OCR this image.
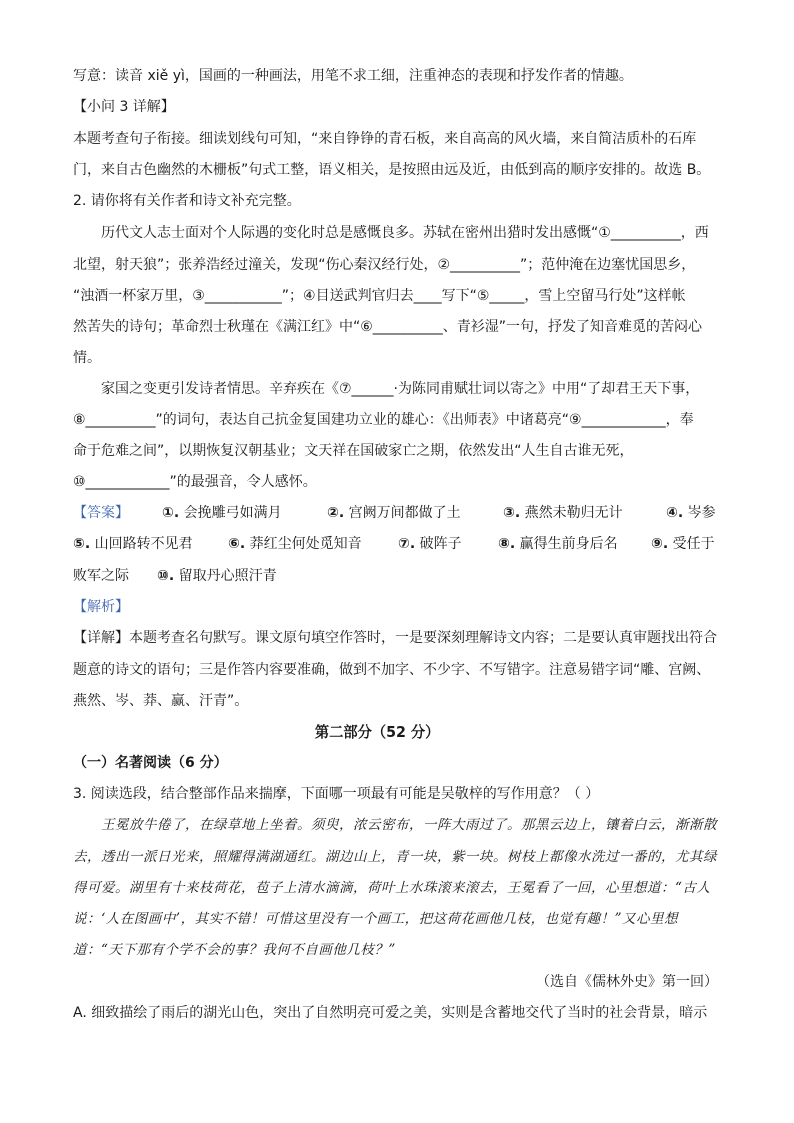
写意：读音 xiě yì，国画的一种画法，用笔不求工细，注重神态的表现和抒发作者的情趣。
【小问 3 详解】
本题考查句子衔接。细读划线句可知，“来自铮铮的青石板，来自高高的风火墙，来自简洁质朴的石库
门，来自古色幽然的木栅板”句式工整，语义相关，是按照由远及近，由低到高的顺序安排的。故选 B。
2. 请你将有关作者和诗文补充完整。
历代文人志士面对个人际遇的变化时总是感慨良多。苏轼在密州出猎时发出感慨“①__________，西
北望，射天狼”；张养浩经过潼关，发现“伤心秦汉经行处，②__________”；范仲淹在边塞忧国思乡，
“浊酒一杯家万里，③___________”；④目送武判官归去____写下“⑤_____，雪上空留马行处”这样帐
然苦失的诗句；革命烈士秋瑾在《满江红》中“⑥__________、青衫湿”一句，抒发了知音难觅的苦闷心
情。
家国之变更引发诗者情思。辛弃疾在《⑦______·为陈同甫赋壮词以寄之》中用“了却君王天下事，
⑧__________”的词句，表达自己抗金复国建功立业的雄心：《出师表》中诸葛亮“⑨____________，奉
命于危难之间”，以期恢复汉朝基业；文天祥在国破家亡之期，依然发出“人生自古谁无死，
⑩____________”的最强音，令人感怀。
【答案】 ①. 会挽雕弓如满月	②. 宫阙万间都做了土	③. 燕然未勒归无计	④. 岑参
⑤. 山回路转不见君	⑥. 莽红尘何处觅知音	⑦. 破阵子	⑧. 赢得生前身后名 ⑨. 受任于
败军之际 ⑩. 留取丹心照汗青
【解析】
【详解】本题考查名句默写。课文原句填空作答时，一是要深刻理解诗文内容；二是要认真审题找出符合
题意的诗文的语句；三是作答内容要准确，做到不加字、不少字、不写错字。注意易错字词“雕、宫阙、
燕然、岑、莽、赢、汗青”。
第二部分（52 分）
（一）名著阅读（6 分）
3. 阅读选段，结合整部作品来揣摩，下面哪一项最有可能是吴敬梓的写作用意？（ ）
王冕放牛倦了，在绿草地上坐着。须臾，浓云密布，一阵大雨过了。那黑云边上，镶着白云，渐渐散
去，透出一派日光来，照耀得满湖通红。湖边山上，青一块，紫一块。树枝上都像水洗过一番的，尤其绿
得可爱。湖里有十来枝荷花，苞子上清水滴滴，荷叶上水珠滚来滚去，王冕看了一回，心里想道：“古人
说：‘人在图画中’，其实不错！可惜这里没有一个画工，把这荷花画他几枝，也觉有趣！”又心里想
道：“天下那有个学不会的事？我何不自画他几枝？”
（选自《儒林外史》第一回）
A. 细致描绘了雨后的湖光山色，突出了自然明亮可爱之美，实则是含蓄地交代了当时的社会背景，暗示
